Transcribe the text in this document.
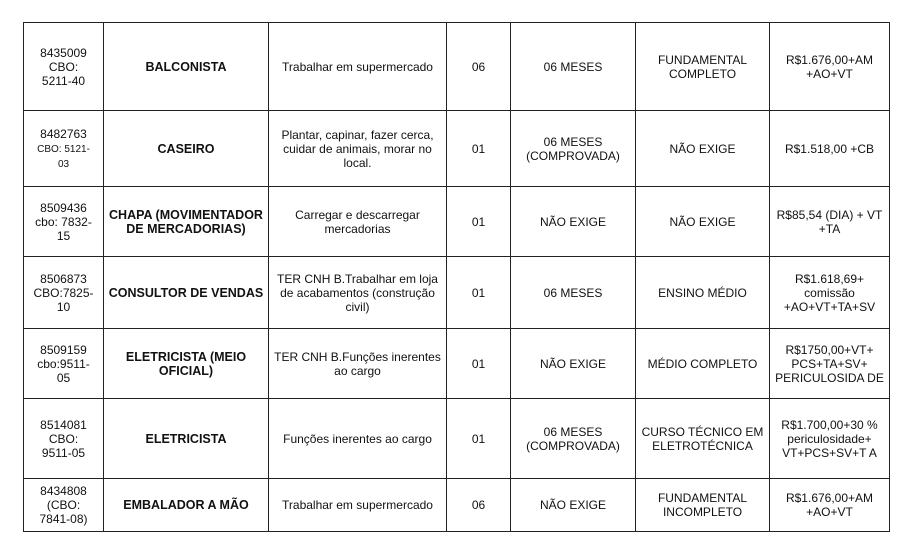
8435009
CBO:
5211-40	BALCONISTA	Trabalhar em supermercado	06	06 MESES	FUNDAMENTAL COMPLETO	R$1.676,00+AM +AO+VT
8482763
CBO: 5121-
03	CASEIRO	Plantar, capinar, fazer cerca, cuidar de animais, morar no local.	01	06 MESES (COMPROVADA)	NÃO EXIGE	R$1.518,00 +CB
8509436
cbo: 7832-
15	CHAPA (MOVIMENTADOR DE MERCADORIAS)	Carregar e descarregar mercadorias	01	NÃO EXIGE	NÃO EXIGE	R$85,54 (DIA) + VT +TA
8506873
CBO:7825-
10	CONSULTOR DE VENDAS	TER CNH B.Trabalhar em loja de acabamentos (construção civil)	01	06 MESES	ENSINO MÉDIO	R$1.618,69+ comissão +AO+VT+TA+SV
8509159
cbo:9511-
05	ELETRICISTA (MEIO OFICIAL)	TER CNH B.Funções inerentes ao cargo	01	NÃO EXIGE	MÉDIO COMPLETO	R$1750,00+VT+ PCS+TA+SV+ PERICULOSIDA DE
8514081
CBO:
9511-05	ELETRICISTA	Funções inerentes ao cargo	01	06 MESES (COMPROVADA)	CURSO TÉCNICO EM ELETROTÉCNICA	R$1.700,00+30 % periculosidade+ VT+PCS+SV+T A
8434808
(CBO:
7841-08)	EMBALADOR A MÃO	Trabalhar em supermercado	06	NÃO EXIGE	FUNDAMENTAL INCOMPLETO	R$1.676,00+AM +AO+VT
